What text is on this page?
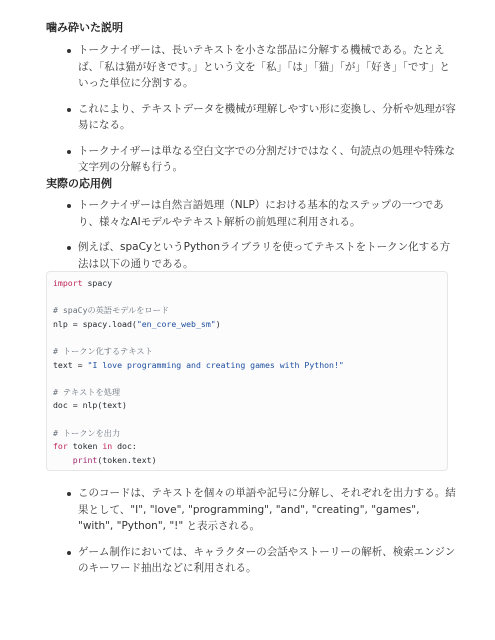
噛み砕いた説明
トークナイザーは、長いテキストを小さな部品に分解する機械である。たとえば、「私は猫が好きです。」という文を「私」「は」「猫」「が」「好き」「です」といった単位に分割する。
これにより、テキストデータを機械が理解しやすい形に変換し、分析や処理が容易になる。
トークナイザーは単なる空白文字での分割だけではなく、句読点の処理や特殊な文字列の分解も行う。
実際の応用例
トークナイザーは自然言語処理（NLP）における基本的なステップの一つであり、様々なAIモデルやテキスト解析の前処理に利用される。
例えば、spaCyというPythonライブラリを使ってテキストをトークン化する方法は以下の通りである。
import spacy

# spaCyの英語モデルをロード
nlp = spacy.load("en_core_web_sm")

# トークン化するテキスト
text = "I love programming and creating games with Python!"

# テキストを処理
doc = nlp(text)

# トークンを出力
for token in doc:
print(token.text)
このコードは、テキストを個々の単語や記号に分解し、それぞれを出力する。結果として、"I", "love", "programming", "and", "creating", "games", "with", "Python", "!" と表示される。
ゲーム制作においては、キャラクターの会話やストーリーの解析、検索エンジンのキーワード抽出などに利用される。
